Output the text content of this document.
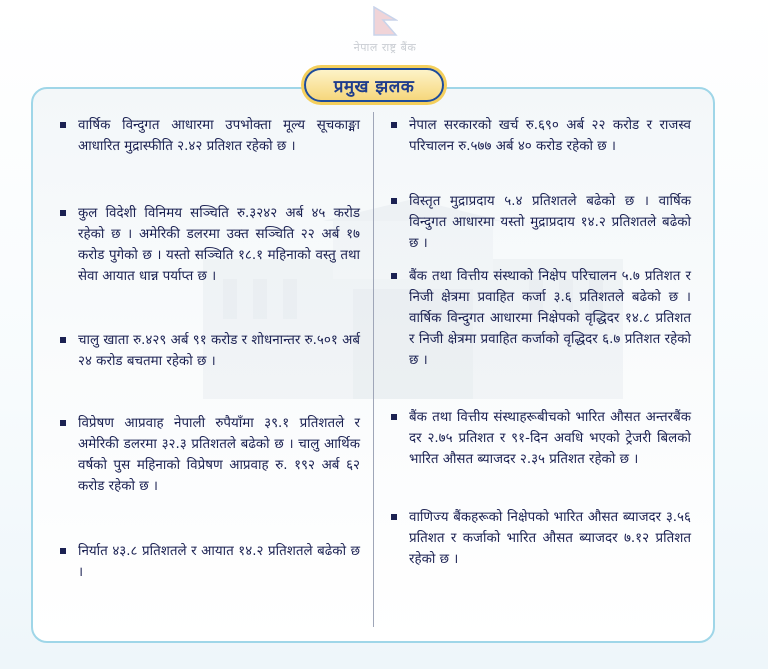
नेपाल राष्ट्र बैंक
प्रमुख झलक
वार्षिक विन्दुगत आधारमा उपभोक्ता मूल्य सूचकाङ्मा आधारित मुद्रास्फीति २.४२ प्रतिशत रहेको छ ।
कुल विदेशी विनिमय सञ्चिति रु.३२४२ अर्ब ४५ करोड रहेको छ । अमेरिकी डलरमा उक्त सञ्चिति २२ अर्ब १७ करोड पुगेको छ । यस्तो सञ्चिति १८.१ महिनाको वस्तु तथा सेवा आयात धान्न पर्याप्त छ ।
चालु खाता रु.४२९ अर्ब ९१ करोड र शोधनान्तर रु.५०१ अर्ब २४ करोड बचतमा रहेको छ ।
विप्रेषण आप्रवाह नेपाली रुपैयाँमा ३९.१ प्रतिशतले र अमेरिकी डलरमा ३२.३ प्रतिशतले बढेको छ । चालु आर्थिक वर्षको पुस महिनाको विप्रेषण आप्रवाह रु. १९२ अर्ब ६२ करोड रहेको छ ।
निर्यात ४३.८ प्रतिशतले र आयात १४.२ प्रतिशतले बढेको छ ।
नेपाल सरकारको खर्च रु.६९० अर्ब २२ करोड र राजस्व परिचालन रु.५७७ अर्ब ४० करोड रहेको छ ।
विस्तृत मुद्राप्रदाय ५.४ प्रतिशतले बढेको छ । वार्षिक विन्दुगत आधारमा यस्तो मुद्राप्रदाय १४.२ प्रतिशतले बढेको छ ।
बैंक तथा वित्तीय संस्थाको निक्षेप परिचालन ५.७ प्रतिशत र निजी क्षेत्रमा प्रवाहित कर्जा ३.६ प्रतिशतले बढेको छ । वार्षिक विन्दुगत आधारमा निक्षेपको वृद्धिदर १४.८ प्रतिशत र निजी क्षेत्रमा प्रवाहित कर्जाको वृद्धिदर ६.७ प्रतिशत रहेको छ ।
बैंक तथा वित्तीय संस्थाहरूबीचको भारित औसत अन्तरबैंक दर २.७५ प्रतिशत र ९१-दिन अवधि भएको ट्रेजरी बिलको भारित औसत ब्याजदर २.३५ प्रतिशत रहेको छ ।
वाणिज्य बैंकहरूको निक्षेपको भारित औसत ब्याजदर ३.५६ प्रतिशत र कर्जाको भारित औसत ब्याजदर ७.१२ प्रतिशत रहेको छ ।
